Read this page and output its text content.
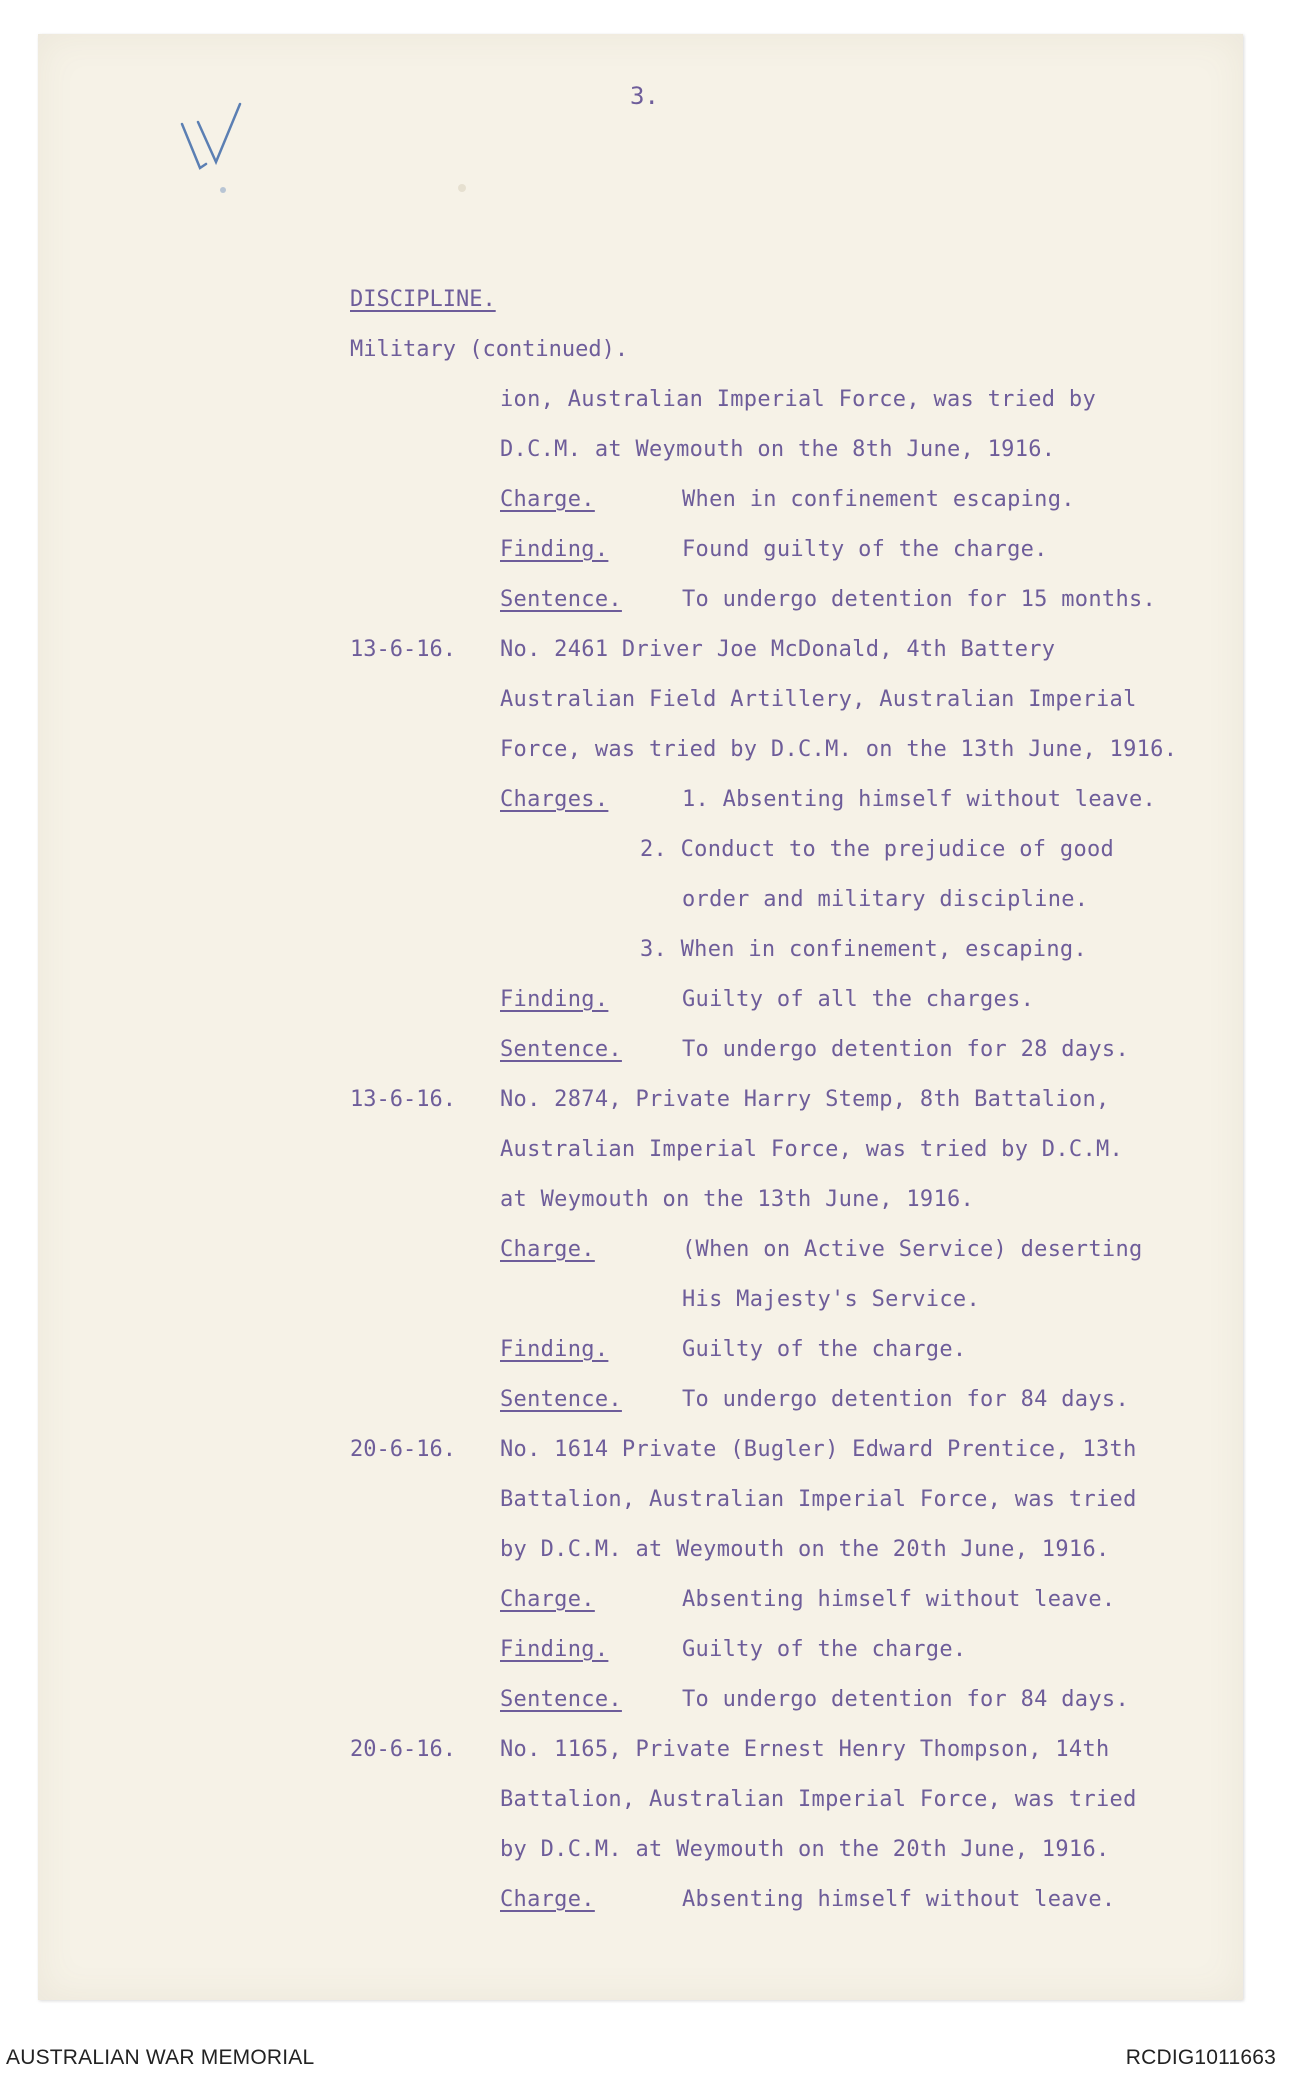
3.
DISCIPLINE.
Military (continued).
ion, Australian Imperial Force, was tried by
D.C.M. at Weymouth on the 8th June, 1916.
Charge.	When in confinement escaping.
Finding.	Found guilty of the charge.
Sentence.	To undergo detention for 15 months.
13-6-16. No. 2461 Driver Joe McDonald, 4th Battery
Australian Field Artillery, Australian Imperial
Force, was tried by D.C.M. on the 13th June, 1916.
Charges.	1. Absenting himself without leave.
2. Conduct to the prejudice of good
order and military discipline.
3. When in confinement, escaping.
Finding.	Guilty of all the charges.
Sentence.	To undergo detention for 28 days.
13-6-16. No. 2874, Private Harry Stemp, 8th Battalion,
Australian Imperial Force, was tried by D.C.M.
at Weymouth on the 13th June, 1916.
Charge.	(When on Active Service) deserting
His Majesty's Service.
Finding.	Guilty of the charge.
Sentence.	To undergo detention for 84 days.
20-6-16. No. 1614 Private (Bugler) Edward Prentice, 13th
Battalion, Australian Imperial Force, was tried
by D.C.M. at Weymouth on the 20th June, 1916.
Charge.	Absenting himself without leave.
Finding.	Guilty of the charge.
Sentence.	To undergo detention for 84 days.
20-6-16. No. 1165, Private Ernest Henry Thompson, 14th
Battalion, Australian Imperial Force, was tried
by D.C.M. at Weymouth on the 20th June, 1916.
Charge.	Absenting himself without leave.
AUSTRALIAN WAR MEMORIAL	RCDIG1011663
